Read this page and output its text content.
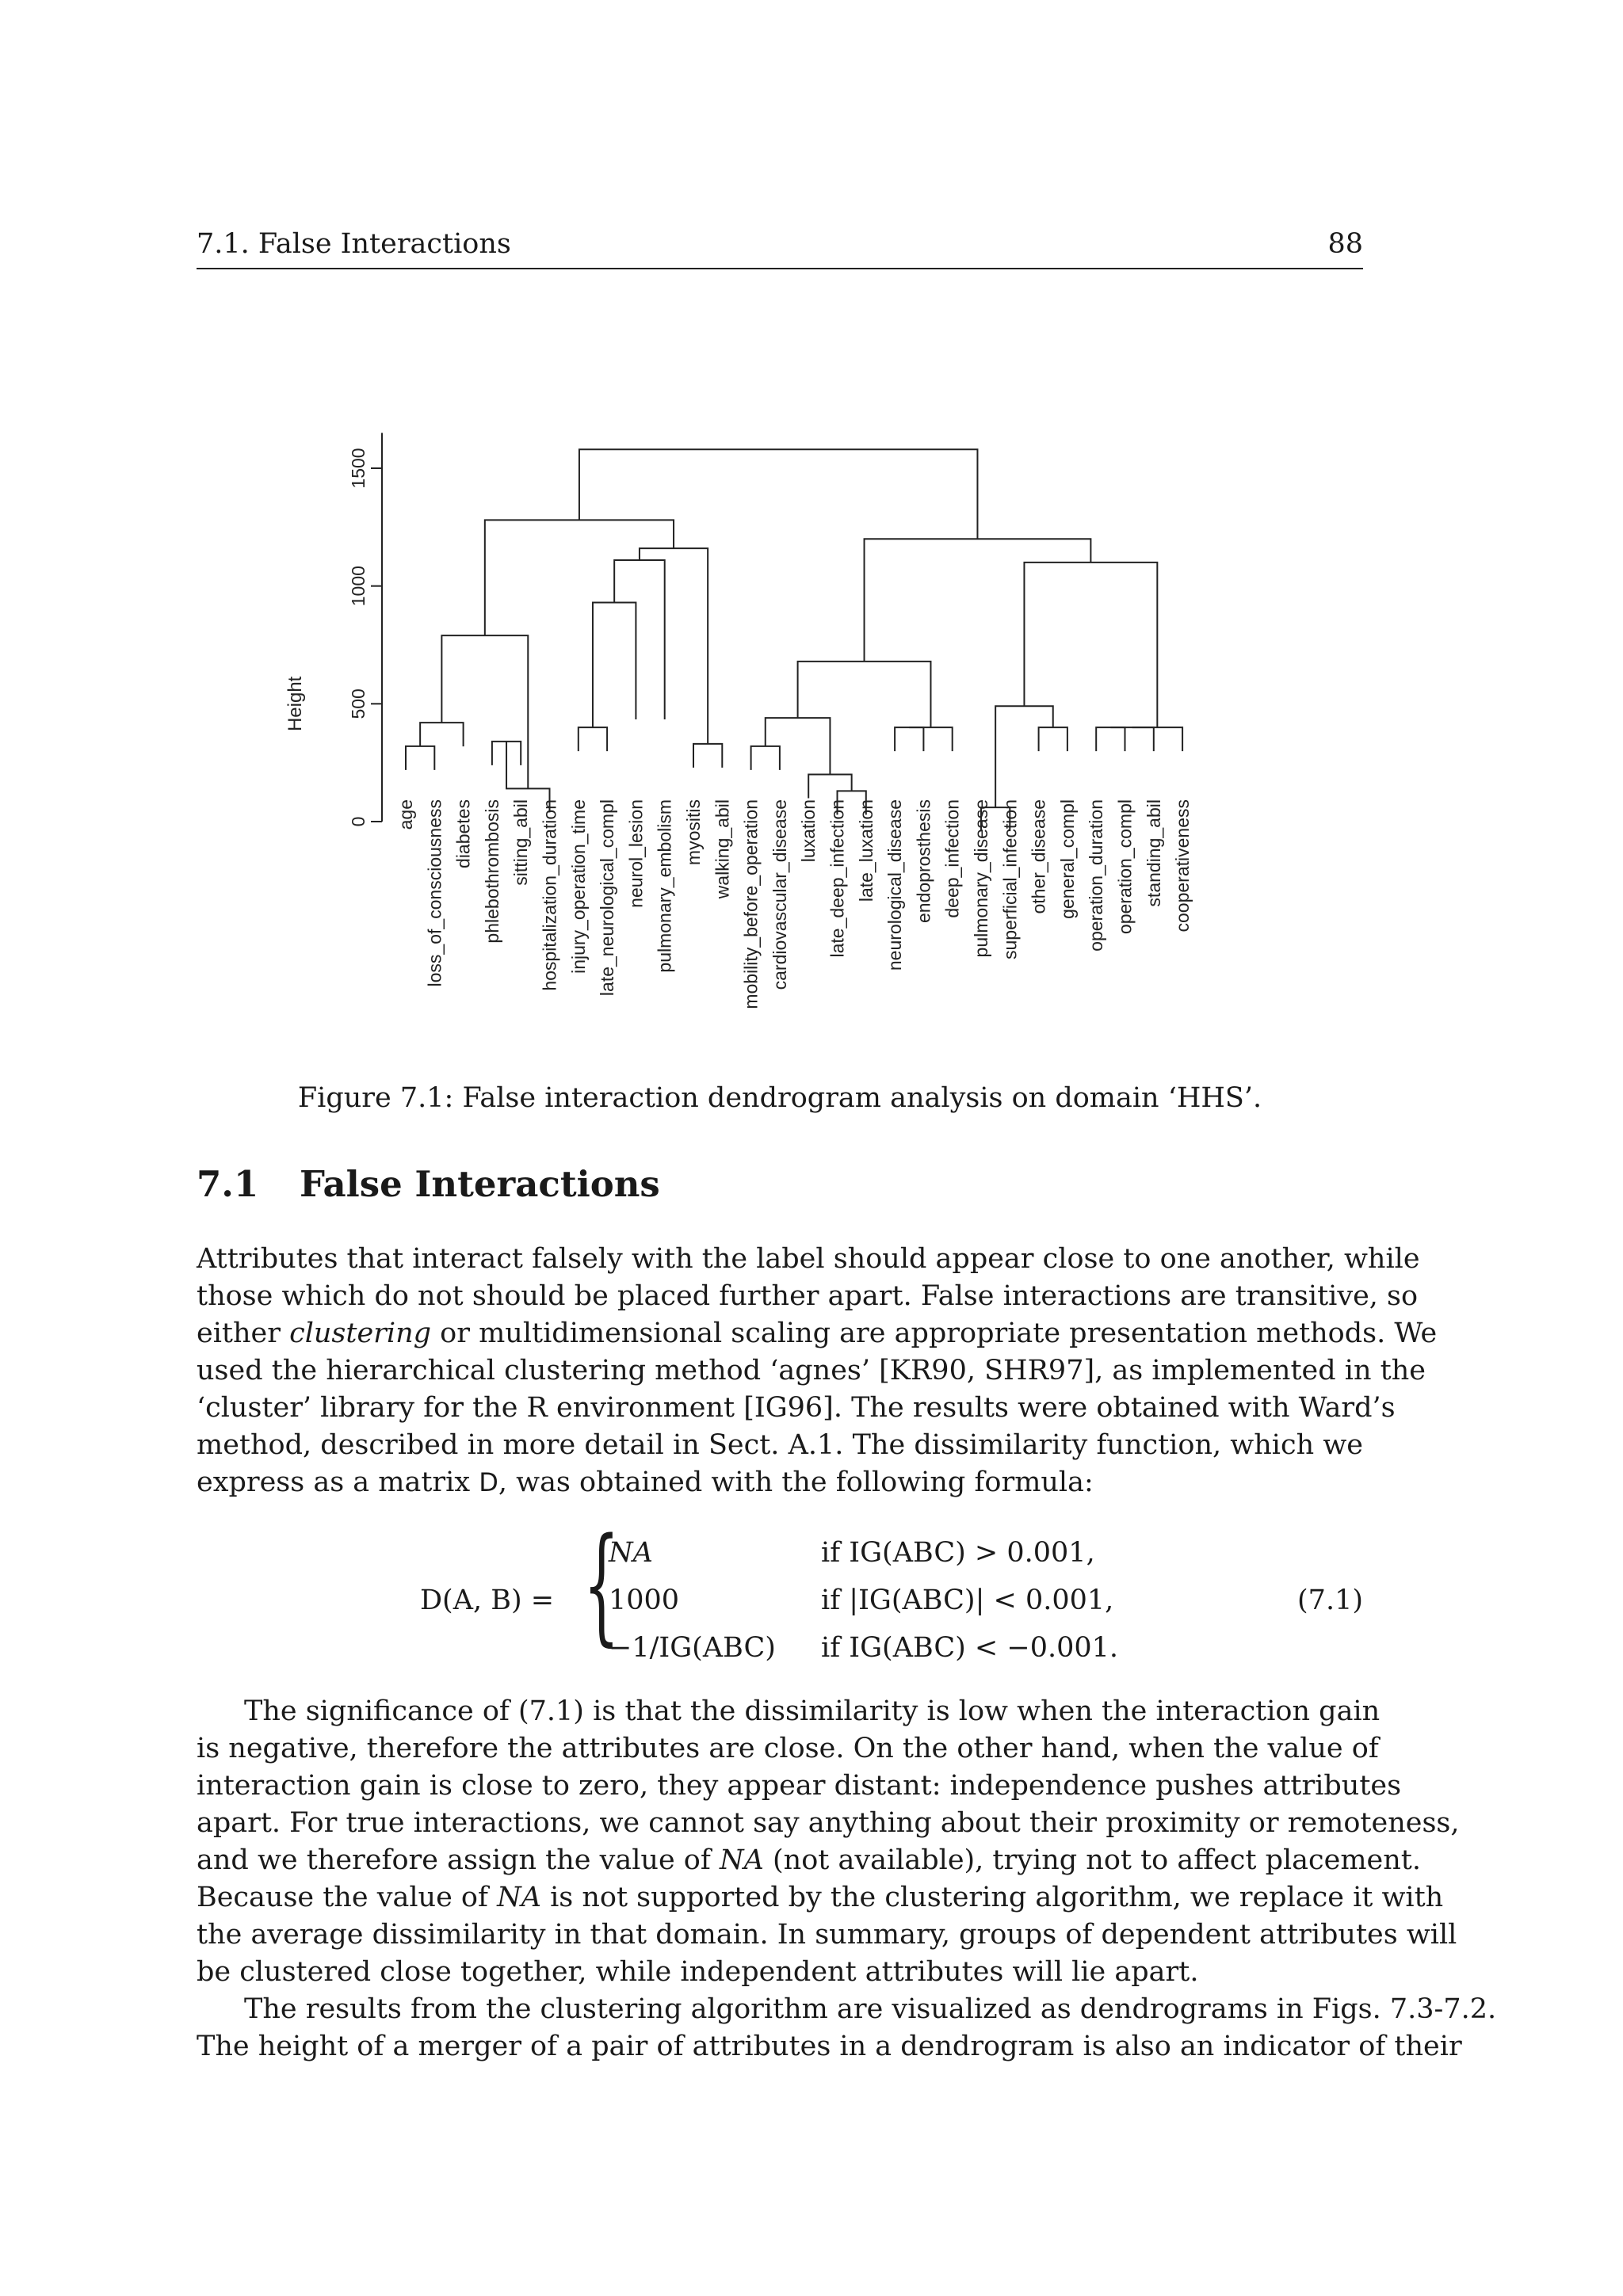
7.1. False Interactions	88
0
500
1000
1500
Height
age loss_of_consciousness diabetes phlebothrombosis sitting_abil hospitalization_duration injury_operation_time late_neurological_compl neurol_lesion pulmonary_embolism myositis walking_abil mobility_before_operation cardiovascular_disease luxation late_deep_infection late_luxation neurological_disease endoprosthesis deep_infection pulmonary_disease superficial_infection other_disease general_compl operation_duration operation_compl standing_abil cooperativeness
Figure 7.1: False interaction dendrogram analysis on domain ‘HHS’.
7.1 False Interactions
Attributes that interact falsely with the label should appear close to one another, while
those which do not should be placed further apart. False interactions are transitive, so
either clustering or multidimensional scaling are appropriate presentation methods. We
used the hierarchical clustering method ‘agnes’ [KR90, SHR97], as implemented in the
‘cluster’ library for the R environment [IG96]. The results were obtained with Ward’s
method, described in more detail in Sect. A.1. The dissimilarity function, which we
express as a matrix D, was obtained with the following formula:
D(A, B) = {
NA	if IG(ABC) > 0.001,
1000	if |IG(ABC)| < 0.001,
−1/IG(ABC) if IG(ABC) < −0.001.
(7.1)
The significance of (7.1) is that the dissimilarity is low when the interaction gain
is negative, therefore the attributes are close. On the other hand, when the value of
interaction gain is close to zero, they appear distant: independence pushes attributes
apart. For true interactions, we cannot say anything about their proximity or remoteness,
and we therefore assign the value of NA (not available), trying not to affect placement.
Because the value of NA is not supported by the clustering algorithm, we replace it with
the average dissimilarity in that domain. In summary, groups of dependent attributes will
be clustered close together, while independent attributes will lie apart.
The results from the clustering algorithm are visualized as dendrograms in Figs. 7.3-7.2.
The height of a merger of a pair of attributes in a dendrogram is also an indicator of their
